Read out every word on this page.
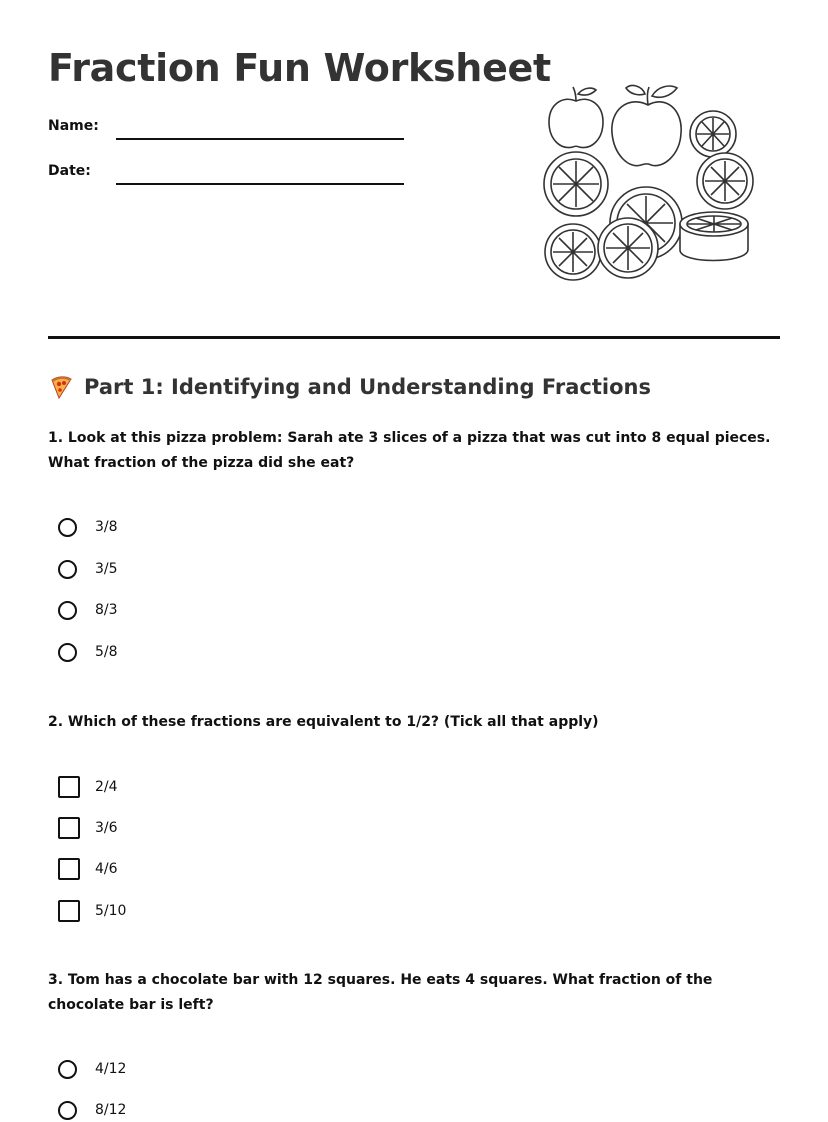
Fraction Fun Worksheet
Name:
Date:
Part 1: Identifying and Understanding Fractions
1. Look at this pizza problem: Sarah ate 3 slices of a pizza that was cut into 8 equal pieces. What fraction of the pizza did she eat?
3/8
3/5
8/3
5/8
2. Which of these fractions are equivalent to 1/2? (Tick all that apply)
2/4
3/6
4/6
5/10
3. Tom has a chocolate bar with 12 squares. He eats 4 squares. What fraction of the chocolate bar is left?
4/12
8/12
